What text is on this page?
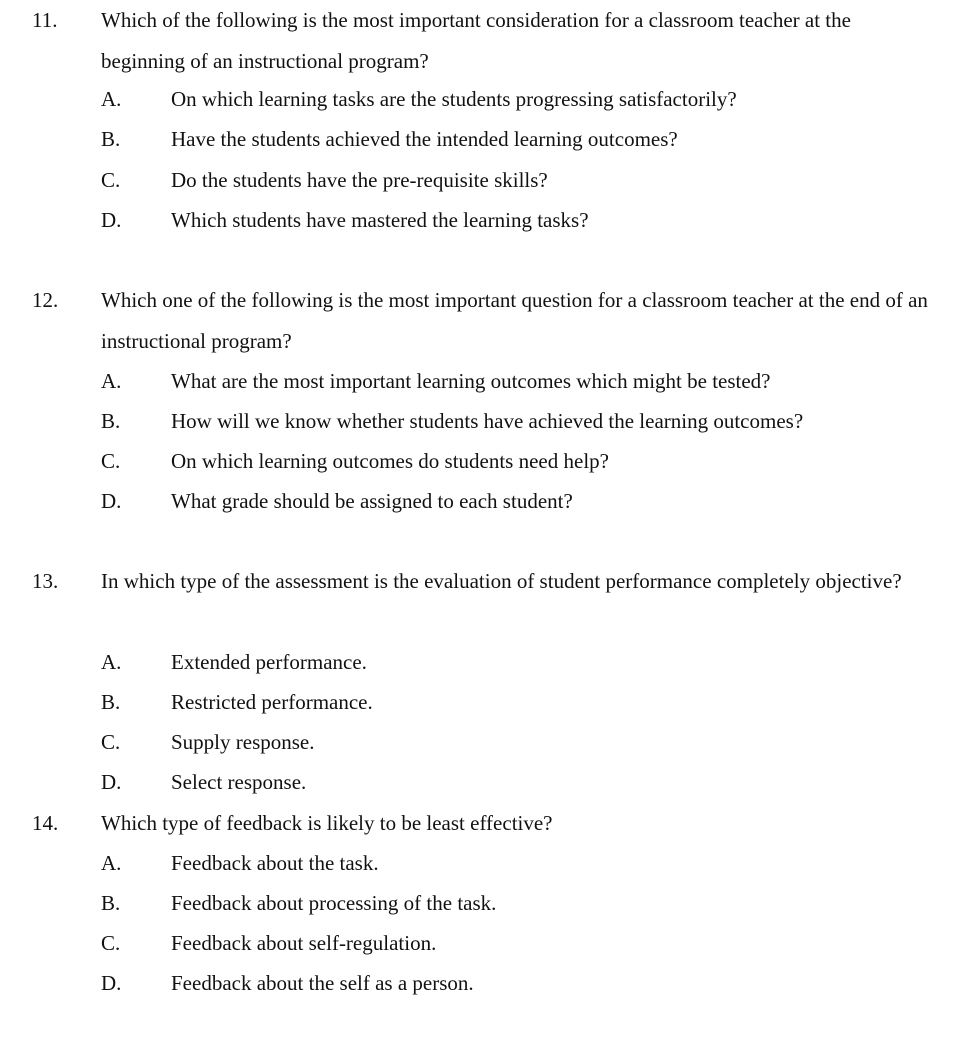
11. Which of the following is the most important consideration for a classroom teacher at the beginning of an instructional program?
A. On which learning tasks are the students progressing satisfactorily?
B. Have the students achieved the intended learning outcomes?
C. Do the students have the pre-requisite skills?
D. Which students have mastered the learning tasks?
12. Which one of the following is the most important question for a classroom teacher at the end of an instructional program?
A. What are the most important learning outcomes which might be tested?
B. How will we know whether students have achieved the learning outcomes?
C. On which learning outcomes do students need help?
D. What grade should be assigned to each student?
13. In which type of the assessment is the evaluation of student performance completely objective?
A. Extended performance.
B. Restricted performance.
C. Supply response.
D. Select response.
14. Which type of feedback is likely to be least effective?
A. Feedback about the task.
B. Feedback about processing of the task.
C. Feedback about self-regulation.
D. Feedback about the self as a person.
